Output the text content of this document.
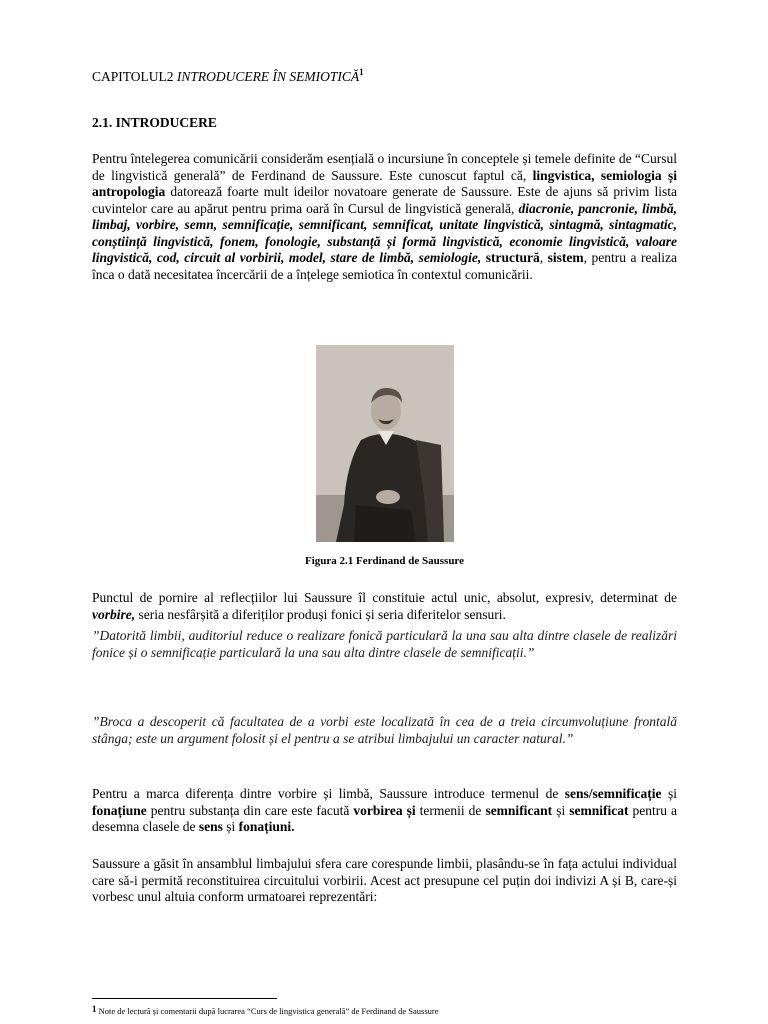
CAPITOLUL2 INTRODUCERE ÎN SEMIOTICĂ$^1$
2.1. INTRODUCERE
Pentru întelegerea comunicării considerăm esențială o incursiune în conceptele și temele definite de “Cursul de lingvistică generală” de Ferdinand de Saussure. Este cunoscut faptul că, lingvistica, semiologia și antropologia datorează foarte mult ideilor novatoare generate de Saussure. Este de ajuns să privim lista cuvintelor care au apărut pentru prima oară în Cursul de lingvistică generală, diacronie, pancronie, limbă, limbaj, vorbire, semn, semnificație, semnificant, semnificat, unitate lingvistică, sintagmă, sintagmatic, conștiință lingvistică, fonem, fonologie, substanță și formă lingvistică, economie lingvistică, valoare lingvistică, cod, circuit al vorbirii, model, stare de limbă, semiologie, structură, sistem, pentru a realiza înca o dată necesitatea încercării de a înțelege semiotica în contextul comunicării.
Figura 2.1 Ferdinand de Saussure
Punctul de pornire al reflecțiilor lui Saussure îl constituie actul unic, absolut, expresiv, determinat de vorbire, seria nesfârșită a diferiților produși fonici și seria diferitelor sensuri.
”Datorită limbii, auditoriul reduce o realizare fonică particulară la una sau alta dintre clasele de realizări fonice și o semnificație particulară la una sau alta dintre clasele de semnificații.”
”Broca a descoperit că facultatea de a vorbi este localizată în cea de a treia circumvoluțiune frontală stânga; este un argument folosit și el pentru a se atribui limbajului un caracter natural.”
Pentru a marca diferența dintre vorbire și limbă, Saussure introduce termenul de sens/semnificație și fonațiune pentru substanța din care este facută vorbirea și termenii de semnificant și semnificat pentru a desemna clasele de sens și fonațiuni.
Saussure a găsit în ansamblul limbajului sfera care corespunde limbii, plasându-se în fața actului individual care să-i permită reconstituirea circuitului vorbirii. Acest act presupune cel puțin doi indivizi A și B, care-și vorbesc unul altuia conform urmatoarei reprezentări:
$^1$ Note de lectură și comentarii după lucrarea “Curs de lingvistica generală” de Ferdinand de Saussure
